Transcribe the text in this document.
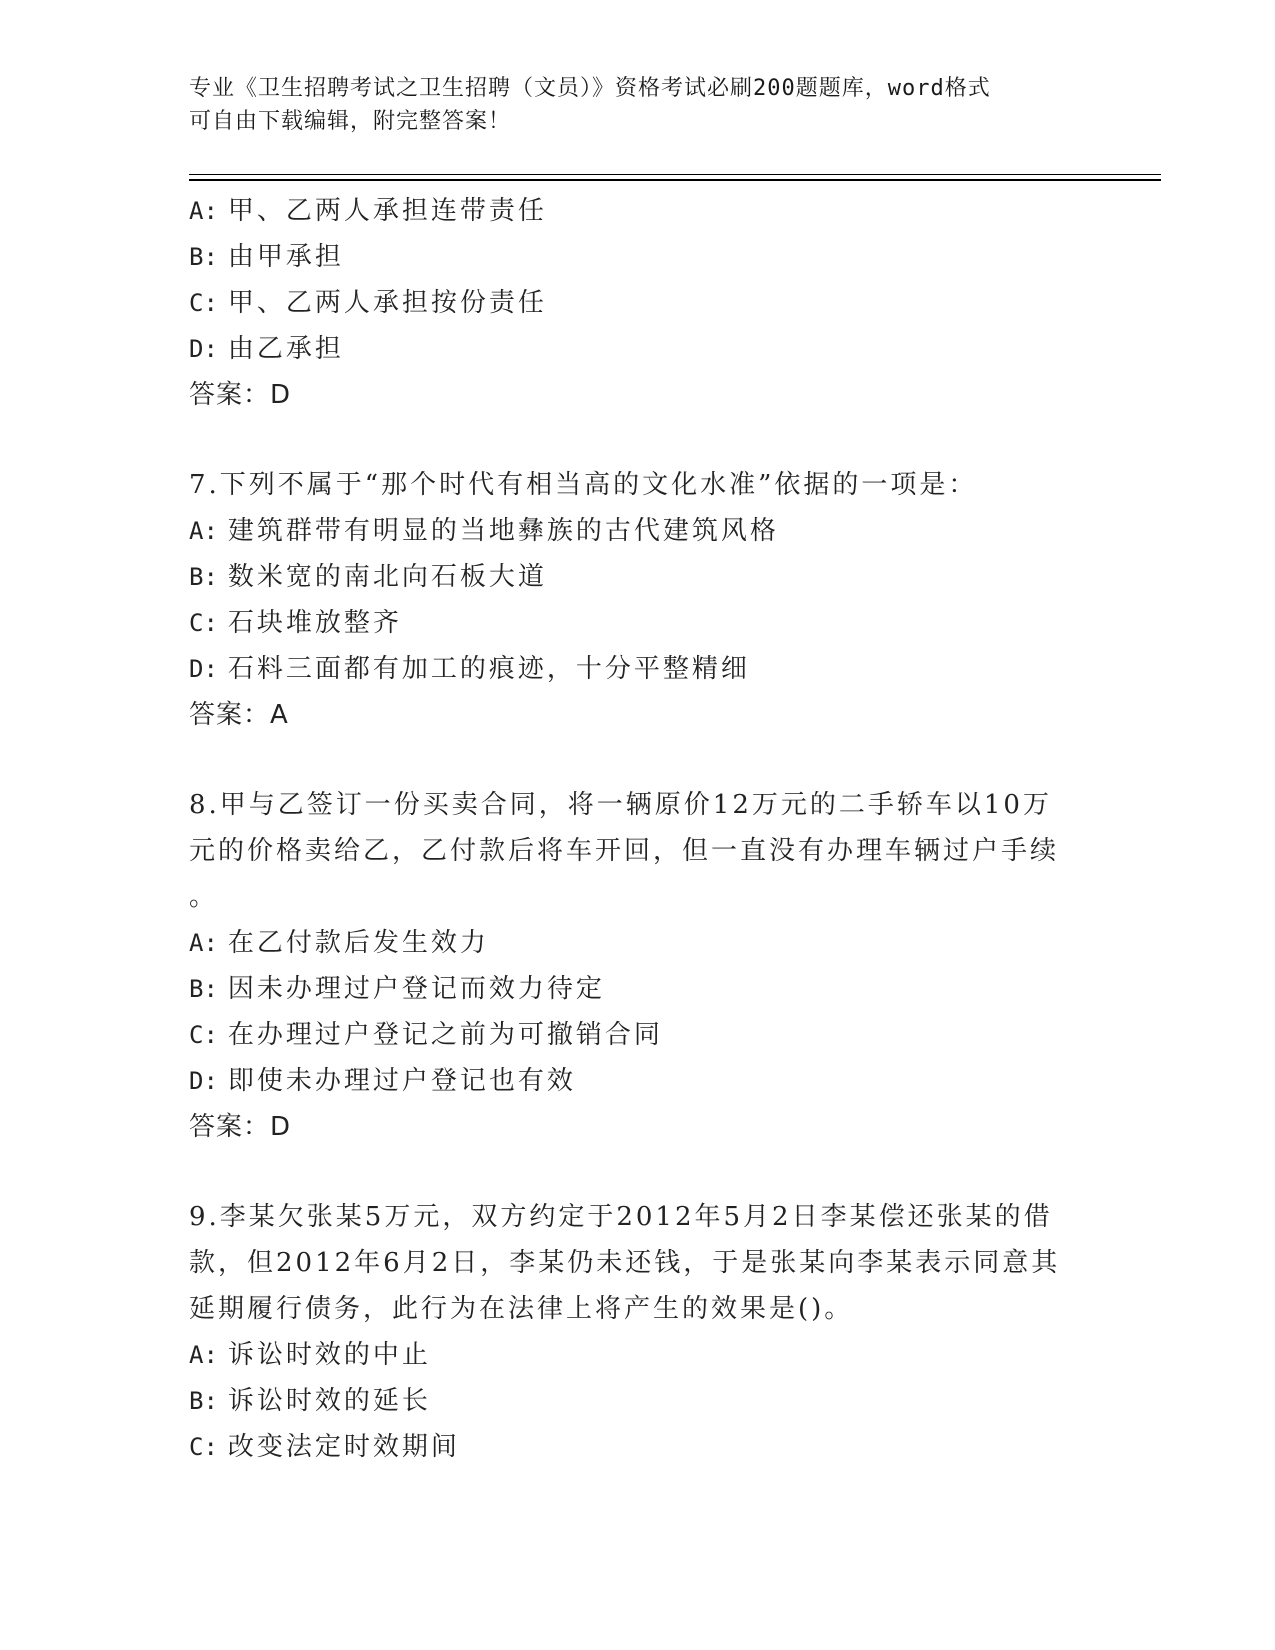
专业《卫生招聘考试之卫生招聘（文员）》资格考试必刷200题题库，word格式
可自由下载编辑，附完整答案！
A: 甲、乙两人承担连带责任
B: 由甲承担
C: 甲、乙两人承担按份责任
D: 由乙承担
答案：D
7.下列不属于“那个时代有相当高的文化水准”依据的一项是：
A: 建筑群带有明显的当地彝族的古代建筑风格
B: 数米宽的南北向石板大道
C: 石块堆放整齐
D: 石料三面都有加工的痕迹，十分平整精细
答案：A
8.甲与乙签订一份买卖合同，将一辆原价12万元的二手轿车以10万
元的价格卖给乙，乙付款后将车开回，但一直没有办理车辆过户手续
。
A: 在乙付款后发生效力
B: 因未办理过户登记而效力待定
C: 在办理过户登记之前为可撤销合同
D: 即使未办理过户登记也有效
答案：D
9.李某欠张某5万元，双方约定于2012年5月2日李某偿还张某的借
款，但2012年6月2日，李某仍未还钱，于是张某向李某表示同意其
延期履行债务，此行为在法律上将产生的效果是()。
A: 诉讼时效的中止
B: 诉讼时效的延长
C: 改变法定时效期间
